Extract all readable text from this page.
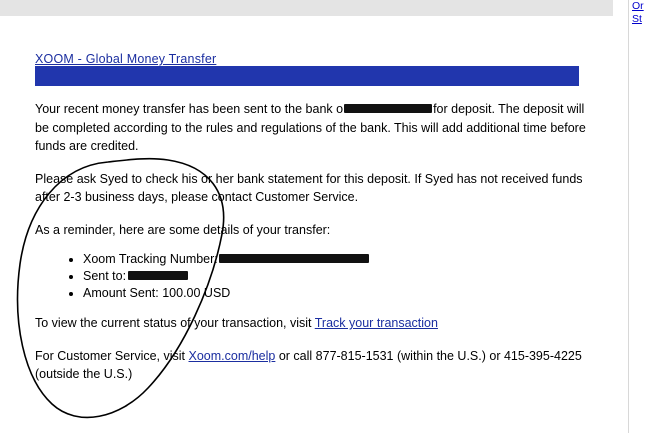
Or
St
XOOM - Global Money Transfer

Your recent money transfer has been sent to the bank o	for deposit. The deposit will be completed according to the rules and regulations of the bank. This will add additional time before funds are credited.

Please ask Syed to check his or her bank statement for this deposit. If Syed has not received funds after 2-3 business days, please contact Customer Service.

As a reminder, here are some details of your transfer:

• Xoom Tracking Number:
• Sent to:
• Amount Sent: 100.00 USD

To view the current status of your transaction, visit Track your transaction

For Customer Service, visit Xoom.com/help or call 877-815-1531 (within the U.S.) or 415-395-4225 (outside the U.S.)
